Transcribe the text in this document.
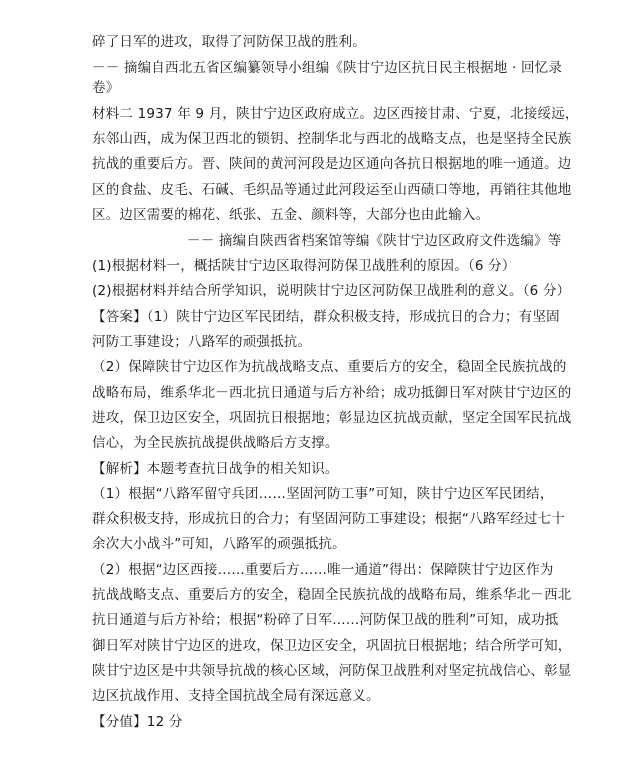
碎了日军的进攻，取得了河防保卫战的胜利。
－－ 摘编自西北五省区编纂领导小组编《陕甘宁边区抗日民主根据地 · 回忆录
卷》
材料二 1937 年 9 月，陕甘宁边区政府成立。边区西接甘肃、宁夏，北接绥远，
东邻山西，成为保卫西北的锁钥、控制华北与西北的战略支点，也是坚持全民族
抗战的重要后方。晋、陕间的黄河河段是边区通向各抗日根据地的唯一通道。边
区的食盐、皮毛、石碱、毛织品等通过此河段运至山西碛口等地，再销往其他地
区。边区需要的棉花、纸张、五金、颜料等，大部分也由此输入。
－－ 摘编自陕西省档案馆等编《陕甘宁边区政府文件选编》等
(1)根据材料一，概括陕甘宁边区取得河防保卫战胜利的原因。（6 分）
(2)根据材料并结合所学知识，说明陕甘宁边区河防保卫战胜利的意义。（6 分）
【答案】（1）陕甘宁边区军民团结，群众积极支持，形成抗日的合力；有坚固
河防工事建设；八路军的顽强抵抗。
（2）保障陕甘宁边区作为抗战战略支点、重要后方的安全，稳固全民族抗战的
战略布局，维系华北－西北抗日通道与后方补给；成功抵御日军对陕甘宁边区的
进攻，保卫边区安全，巩固抗日根据地；彰显边区抗战贡献，坚定全国军民抗战
信心，为全民族抗战提供战略后方支撑。
【解析】本题考查抗日战争的相关知识。
（1）根据“八路军留守兵团……坚固河防工事”可知，陕甘宁边区军民团结，
群众积极支持，形成抗日的合力；有坚固河防工事建设；根据“八路军经过七十
余次大小战斗”可知，八路军的顽强抵抗。
（2）根据“边区西接……重要后方……唯一通道”得出：保障陕甘宁边区作为
抗战战略支点、重要后方的安全，稳固全民族抗战的战略布局，维系华北－西北
抗日通道与后方补给；根据“粉碎了日军……河防保卫战的胜利”可知，成功抵
御日军对陕甘宁边区的进攻，保卫边区安全，巩固抗日根据地；结合所学可知，
陕甘宁边区是中共领导抗战的核心区域，河防保卫战胜利对坚定抗战信心、彰显
边区抗战作用、支持全国抗战全局有深远意义。
【分值】12 分
